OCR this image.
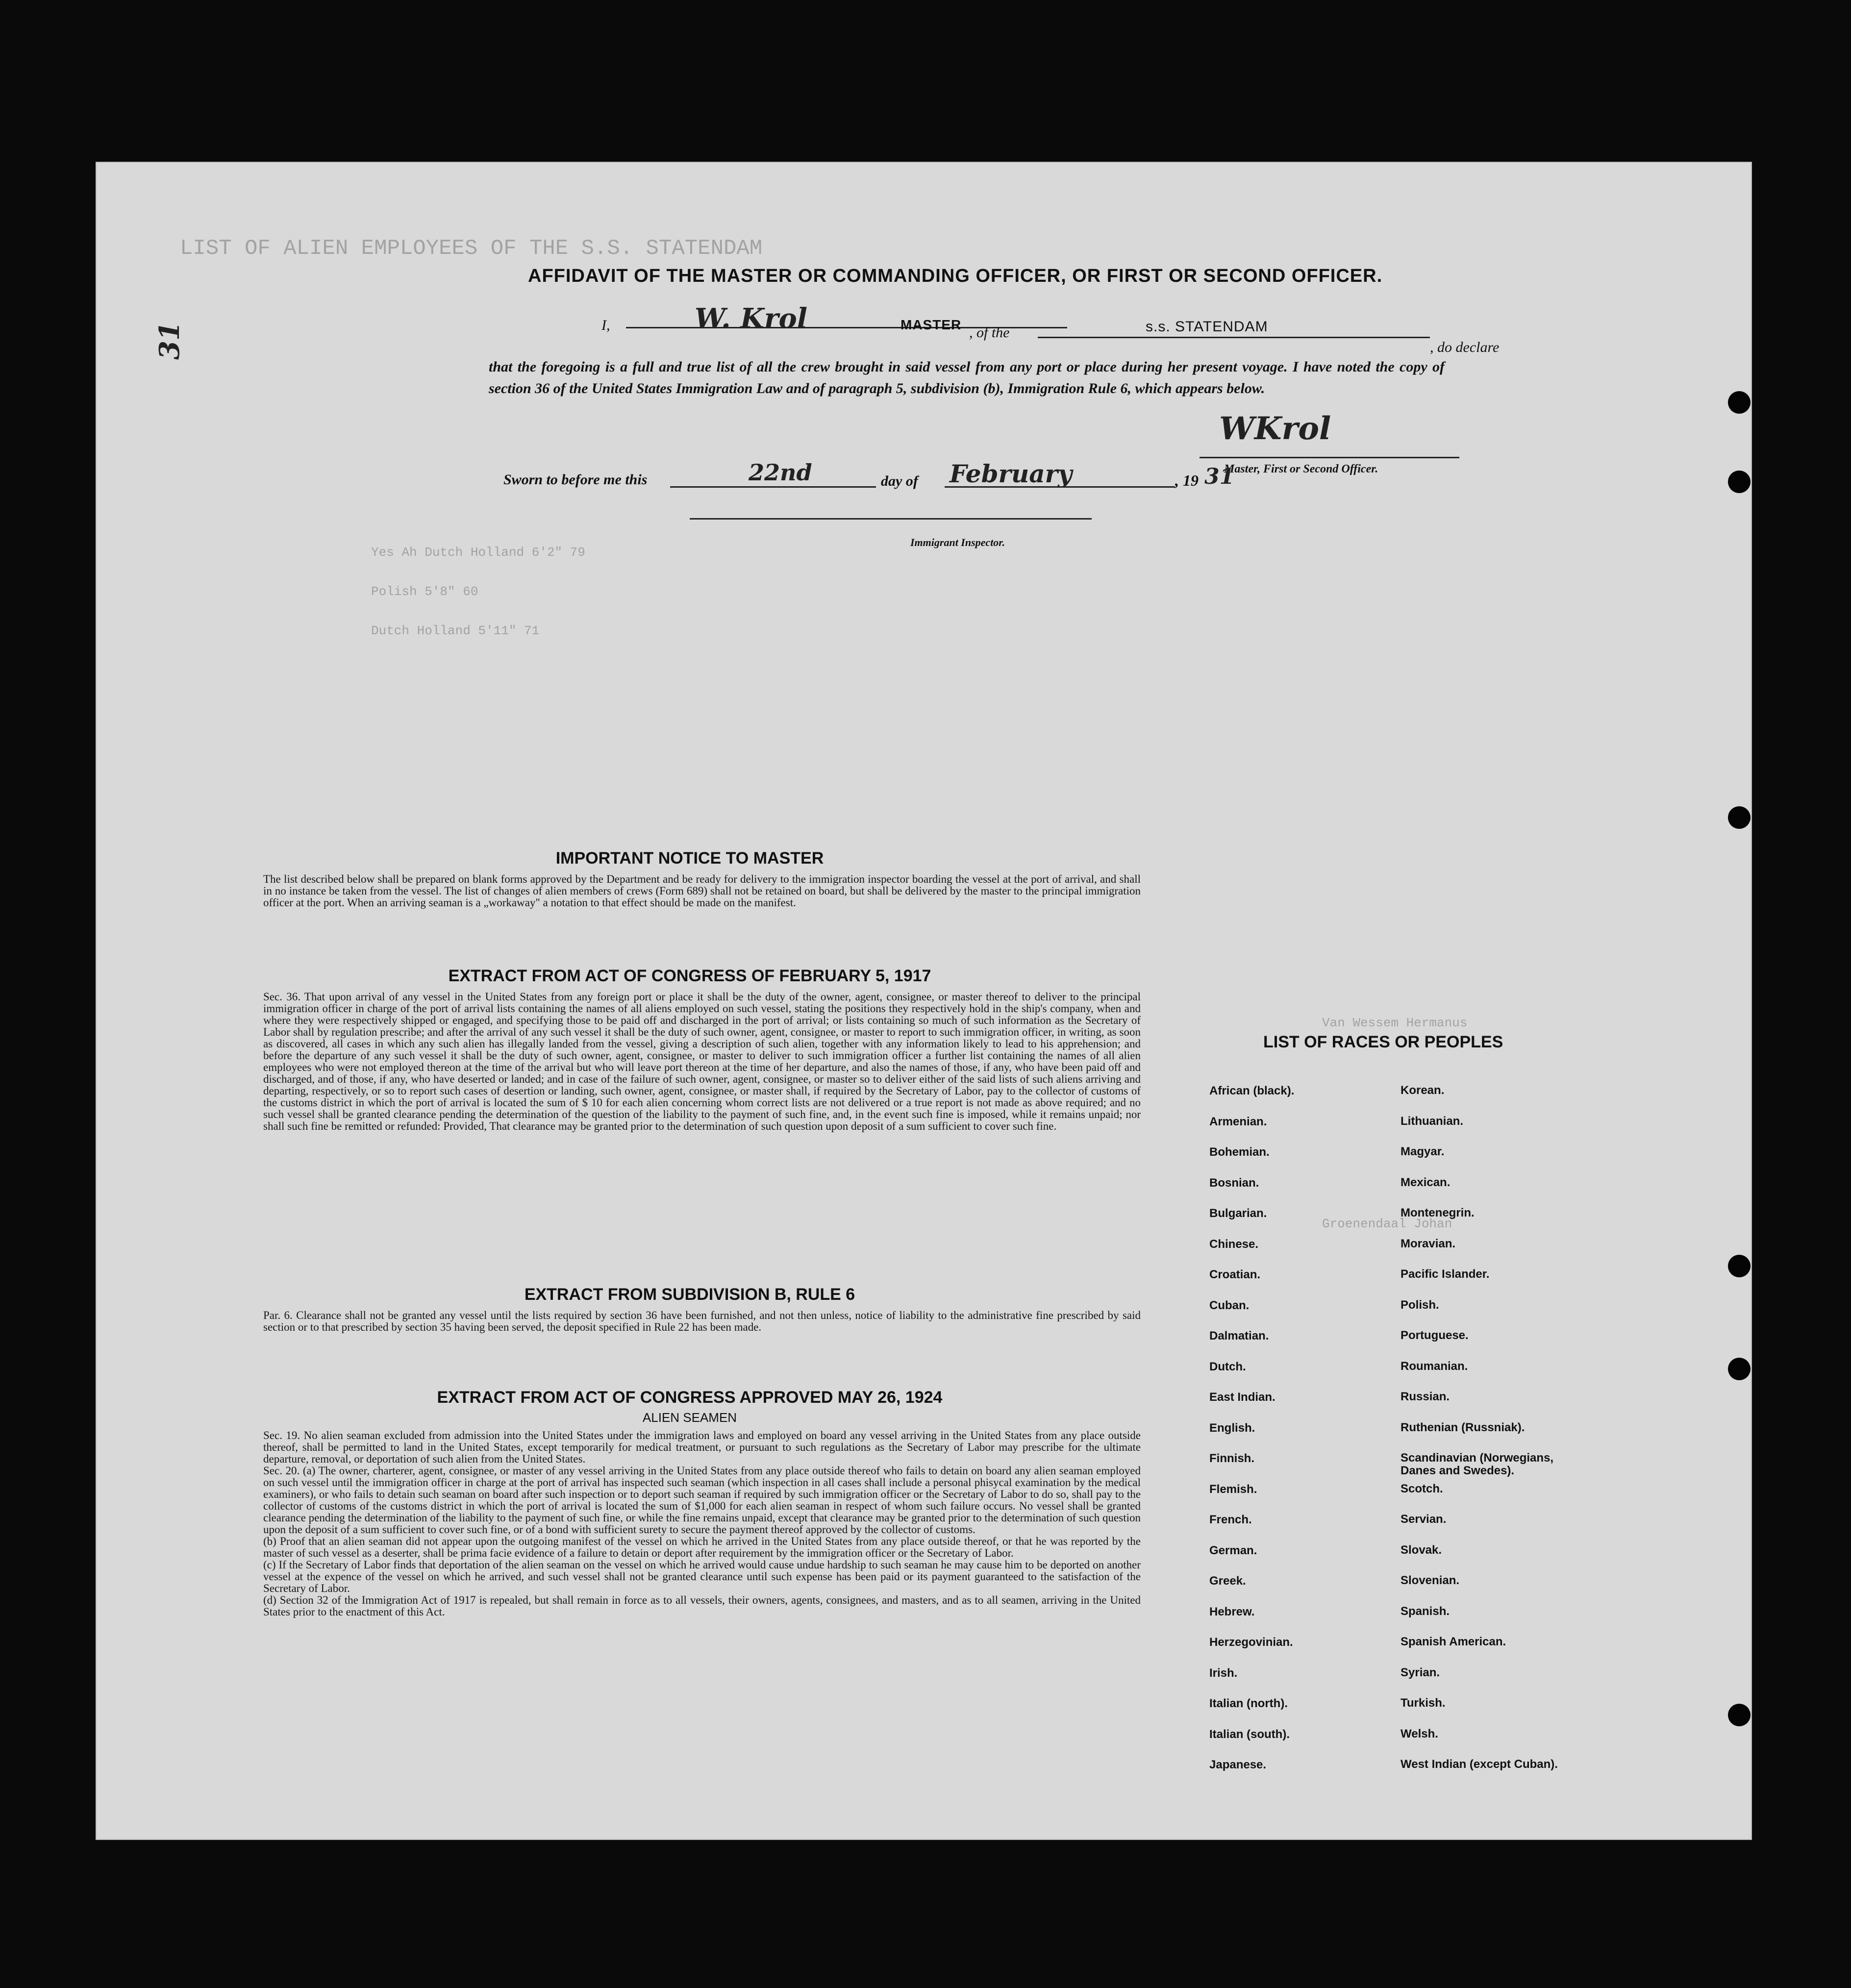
LIST OF ALIEN EMPLOYEES OF THE S.S. STATENDAM
Yes Ah Dutch Holland 6'2" 79
Polish 5'8" 60
Dutch Holland 5'11" 71
Van Wessem Hermanus
Groenendaal Johan
31
AFFIDAVIT OF THE MASTER OR COMMANDING OFFICER, OR FIRST OR SECOND OFFICER.
I,	W. Krol	MASTER , of the	s.s. STATENDAM
, do declare
that the foregoing is a full and true list of all the crew brought in said vessel from any port or place during her present voyage. I have noted the copy of section 36 of the United States Immigration Law and of paragraph 5, subdivision (b), Immigration Rule 6, which appears below.
WKrol
Master, First or Second Officer.
Sworn to before me this	22nd	day of February	, 19 31
Immigrant Inspector.
IMPORTANT NOTICE TO MASTER
The list described below shall be prepared on blank forms approved by the Department and be ready for delivery to the immigration inspector boarding the vessel at the port of arrival, and shall in no instance be taken from the vessel. The list of changes of alien members of crews (Form 689) shall not be retained on board, but shall be delivered by the master to the principal immigration officer at the port. When an arriving seaman is a „workaway" a notation to that effect should be made on the manifest.
EXTRACT FROM ACT OF CONGRESS OF FEBRUARY 5, 1917
Sec. 36. That upon arrival of any vessel in the United States from any foreign port or place it shall be the duty of the owner, agent, consignee, or master thereof to deliver to the principal immigration officer in charge of the port of arrival lists containing the names of all aliens employed on such vessel, stating the positions they respectively hold in the ship's company, when and where they were respectively shipped or engaged, and specifying those to be paid off and discharged in the port of arrival; or lists containing so much of such information as the Secretary of Labor shall by regulation prescribe; and after the arrival of any such vessel it shall be the duty of such owner, agent, consignee, or master to report to such immigration officer, in writing, as soon as discovered, all cases in which any such alien has illegally landed from the vessel, giving a description of such alien, together with any information likely to lead to his apprehension; and before the departure of any such vessel it shall be the duty of such owner, agent, consignee, or master to deliver to such immigration officer a further list containing the names of all alien employees who were not employed thereon at the time of the arrival but who will leave port thereon at the time of her departure, and also the names of those, if any, who have been paid off and discharged, and of those, if any, who have deserted or landed; and in case of the failure of such owner, agent, consignee, or master so to deliver either of the said lists of such aliens arriving and departing, respectively, or so to report such cases of desertion or landing, such owner, agent, consignee, or master shall, if required by the Secretary of Labor, pay to the collector of customs of the customs district in which the port of arrival is located the sum of $ 10 for each alien concerning whom correct lists are not delivered or a true report is not made as above required; and no such vessel shall be granted clearance pending the determination of the question of the liability to the payment of such fine, and, in the event such fine is imposed, while it remains unpaid; nor shall such fine be remitted or refunded: Provided, That clearance may be granted prior to the determination of such question upon deposit of a sum sufficient to cover such fine.
EXTRACT FROM SUBDIVISION B, RULE 6
Par. 6. Clearance shall not be granted any vessel until the lists required by section 36 have been furnished, and not then unless, notice of liability to the administrative fine prescribed by said section or to that prescribed by section 35 having been served, the deposit specified in Rule 22 has been made.
EXTRACT FROM ACT OF CONGRESS APPROVED MAY 26, 1924
ALIEN SEAMEN

Sec. 19. No alien seaman excluded from admission into the United States under the immigration laws and employed on board any vessel arriving in the United States from any place outside thereof, shall be permitted to land in the United States, except temporarily for medical treatment, or pursuant to such regulations as the Secretary of Labor may prescribe for the ultimate departure, removal, or deportation of such alien from the United States.

Sec. 20. (a) The owner, charterer, agent, consignee, or master of any vessel arriving in the United States from any place outside thereof who fails to detain on board any alien seaman employed on such vessel until the immigration officer in charge at the port of arrival has inspected such seaman (which inspection in all cases shall include a personal phisycal examination by the medical examiners), or who fails to detain such seaman on board after such inspection or to deport such seaman if required by such immigration officer or the Secretary of Labor to do so, shall pay to the collector of customs of the customs district in which the port of arrival is located the sum of $1,000 for each alien seaman in respect of whom such failure occurs. No vessel shall be granted clearance pending the determination of the liability to the payment of such fine, or while the fine remains unpaid, except that clearance may be granted prior to the determination of such question upon the deposit of a sum sufficient to cover such fine, or of a bond with sufficient surety to secure the payment thereof approved by the collector of customs.

(b) Proof that an alien seaman did not appear upon the outgoing manifest of the vessel on which he arrived in the United States from any place outside thereof, or that he was reported by the master of such vessel as a deserter, shall be prima facie evidence of a failure to detain or deport after requirement by the immigration officer or the Secretary of Labor.

(c) If the Secretary of Labor finds that deportation of the alien seaman on the vessel on which he arrived would cause undue hardship to such seaman he may cause him to be deported on another vessel at the expence of the vessel on which he arrived, and such vessel shall not be granted clearance until such expense has been paid or its payment guaranteed to the satisfaction of the Secretary of Labor.

(d) Section 32 of the Immigration Act of 1917 is repealed, but shall remain in force as to all vessels, their owners, agents, consignees, and masters, and as to all seamen, arriving in the United States prior to the enactment of this Act.

LIST OF RACES OR PEOPLES
African (black).
Armenian.
Bohemian.
Bosnian.
Bulgarian.
Chinese.
Croatian.
Cuban.
Dalmatian.
Dutch.
East Indian.
English.
Finnish.
Flemish.
French.
German.
Greek.
Hebrew.
Herzegovinian.
Irish.
Italian (north).
Italian (south).
Japanese.
Korean.
Lithuanian.
Magyar.
Mexican.
Montenegrin.
Moravian.
Pacific Islander.
Polish.
Portuguese.
Roumanian.
Russian.
Ruthenian (Russniak).
Scandinavian (Norwegians, Danes and Swedes).
Scotch.
Servian.
Slovak.
Slovenian.
Spanish.
Spanish American.
Syrian.
Turkish.
Welsh.
West Indian (except Cuban).
